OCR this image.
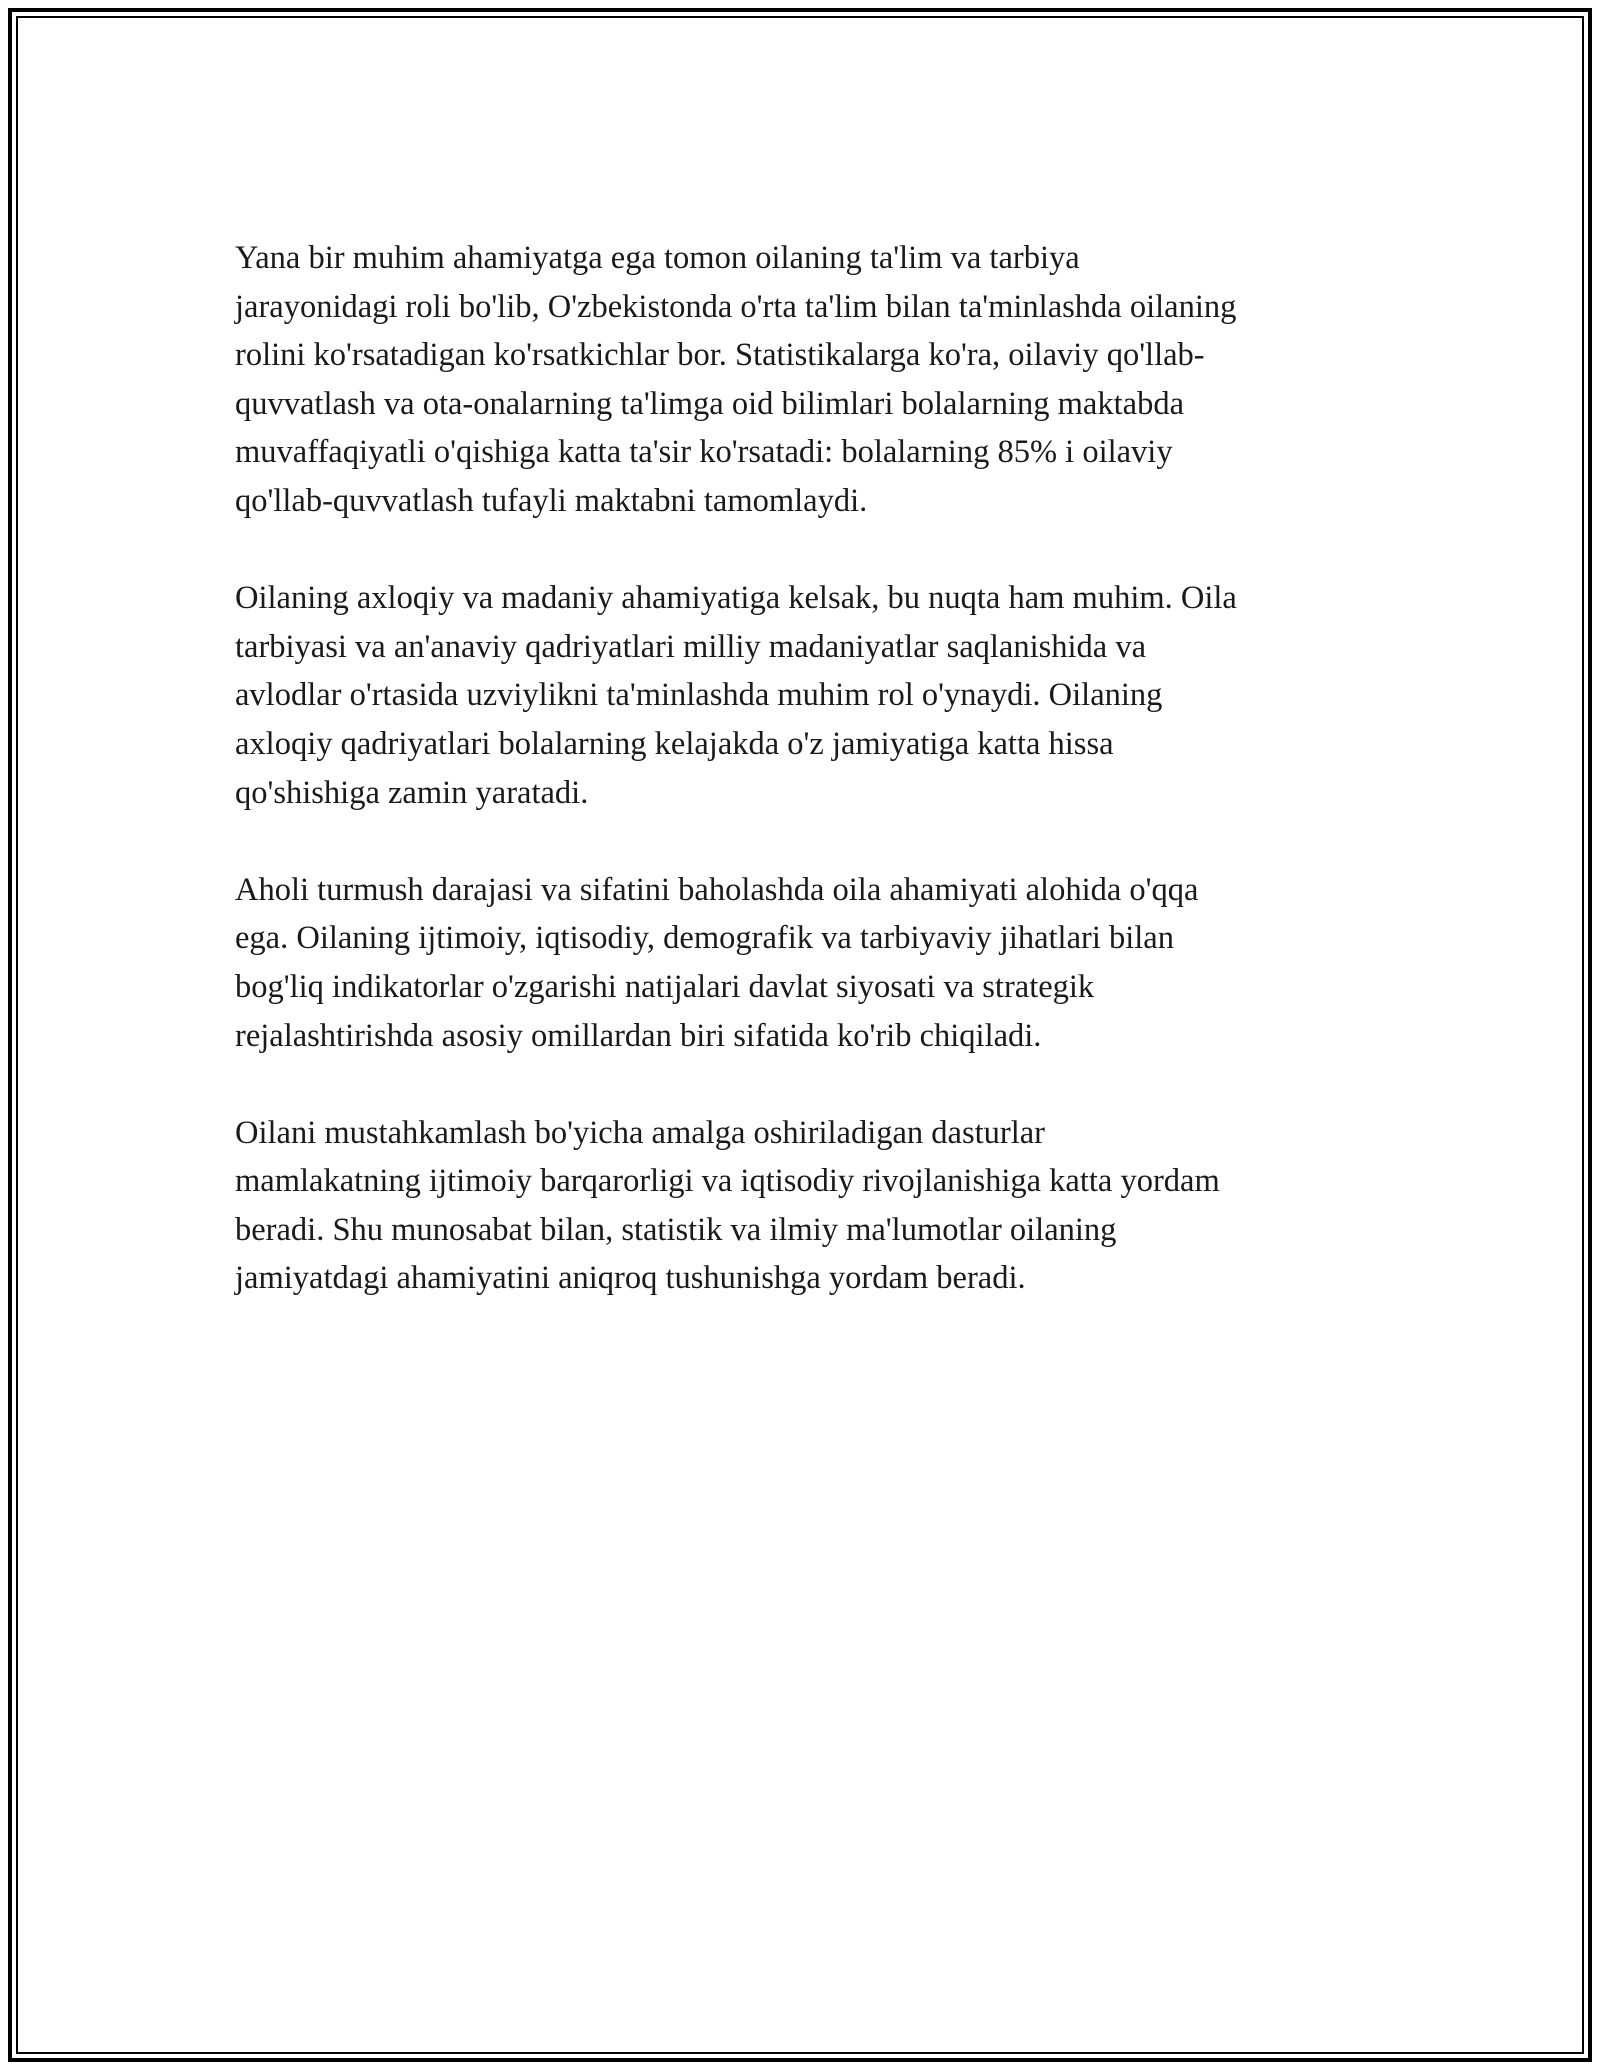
Yana bir muhim ahamiyatga ega tomon oilaning ta'lim va tarbiya
jarayonidagi roli bo'lib, O'zbekistonda o'rta ta'lim bilan ta'minlashda oilaning
rolini ko'rsatadigan ko'rsatkichlar bor. Statistikalarga ko'ra, oilaviy qo'llab-
quvvatlash va ota-onalarning ta'limga oid bilimlari bolalarning maktabda
muvaffaqiyatli o'qishiga katta ta'sir ko'rsatadi: bolalarning 85% i oilaviy
qo'llab-quvvatlash tufayli maktabni tamomlaydi.

Oilaning axloqiy va madaniy ahamiyatiga kelsak, bu nuqta ham muhim. Oila
tarbiyasi va an'anaviy qadriyatlari milliy madaniyatlar saqlanishida va
avlodlar o'rtasida uzviylikni ta'minlashda muhim rol o'ynaydi. Oilaning
axloqiy qadriyatlari bolalarning kelajakda o'z jamiyatiga katta hissa
qo'shishiga zamin yaratadi.

Aholi turmush darajasi va sifatini baholashda oila ahamiyati alohida o'qqa
ega. Oilaning ijtimoiy, iqtisodiy, demografik va tarbiyaviy jihatlari bilan
bog'liq indikatorlar o'zgarishi natijalari davlat siyosati va strategik
rejalashtirishda asosiy omillardan biri sifatida ko'rib chiqiladi.

Oilani mustahkamlash bo'yicha amalga oshiriladigan dasturlar
mamlakatning ijtimoiy barqarorligi va iqtisodiy rivojlanishiga katta yordam
beradi. Shu munosabat bilan, statistik va ilmiy ma'lumotlar oilaning
jamiyatdagi ahamiyatini aniqroq tushunishga yordam beradi.
